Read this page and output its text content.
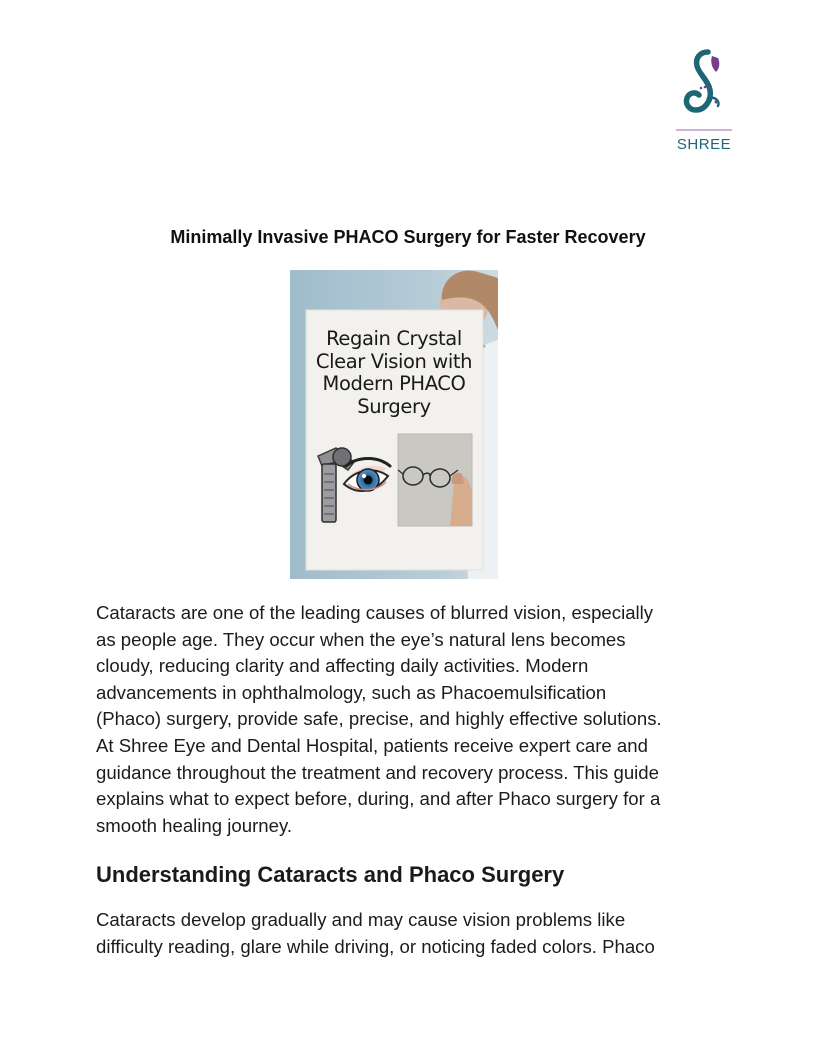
SHREE
Minimally Invasive PHACO Surgery for Faster Recovery
Regain Crystal Clear Vision with Modern PHACO Surgery

Cataracts are one of the leading causes of blurred vision, especially
as people age. They occur when the eye’s natural lens becomes
cloudy, reducing clarity and affecting daily activities. Modern
advancements in ophthalmology, such as Phacoemulsification
(Phaco) surgery, provide safe, precise, and highly effective solutions.
At Shree Eye and Dental Hospital, patients receive expert care and
guidance throughout the treatment and recovery process. This guide
explains what to expect before, during, and after Phaco surgery for a
smooth healing journey.

Understanding Cataracts and Phaco Surgery

Cataracts develop gradually and may cause vision problems like
difficulty reading, glare while driving, or noticing faded colors. Phaco
